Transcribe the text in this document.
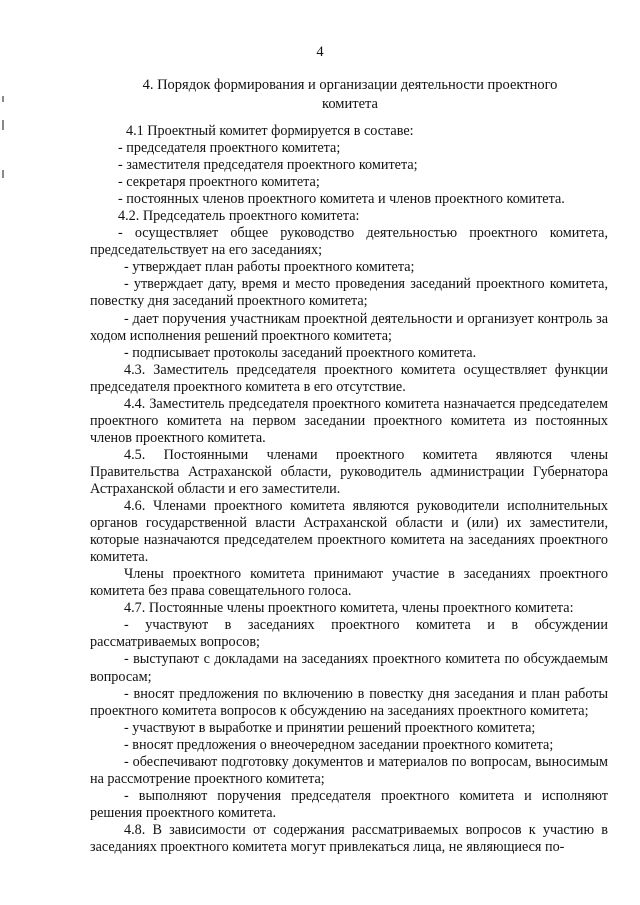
4
4. Порядок формирования и организации деятельности проектного
комитета

4.1 Проектный комитет формируется в составе:

- председателя проектного комитета;

- заместителя председателя проектного комитета;

- секретаря проектного комитета;

- постоянных членов проектного комитета и членов проектного комитета.

4.2. Председатель проектного комитета:

- осуществляет общее руководство деятельностью проектного комитета, председательствует на его заседаниях;

- утверждает план работы проектного комитета;

- утверждает дату, время и место проведения заседаний проектного комитета, повестку дня заседаний проектного комитета;

- дает поручения участникам проектной деятельности и организует контроль за ходом исполнения решений проектного комитета;

- подписывает протоколы заседаний проектного комитета.

4.3. Заместитель председателя проектного комитета осуществляет функции председателя проектного комитета в его отсутствие.

4.4. Заместитель председателя проектного комитета назначается председателем проектного комитета на первом заседании проектного комитета из постоянных членов проектного комитета.

4.5. Постоянными членами проектного комитета являются члены Правительства Астраханской области, руководитель администрации Губернатора Астраханской области и его заместители.

4.6. Членами проектного комитета являются руководители исполнительных органов государственной власти Астраханской области и (или) их заместители, которые назначаются председателем проектного комитета на заседаниях проектного комитета.

Члены проектного комитета принимают участие в заседаниях проектного комитета без права совещательного голоса.

4.7. Постоянные члены проектного комитета, члены проектного комитета:

- участвуют в заседаниях проектного комитета и в обсуждении рассматриваемых вопросов;

- выступают с докладами на заседаниях проектного комитета по обсуждаемым вопросам;

- вносят предложения по включению в повестку дня заседания и план работы проектного комитета вопросов к обсуждению на заседаниях проектного комитета;

- участвуют в выработке и принятии решений проектного комитета;

- вносят предложения о внеочередном заседании проектного комитета;

- обеспечивают подготовку документов и материалов по вопросам, выносимым на рассмотрение проектного комитета;

- выполняют поручения председателя проектного комитета и исполняют решения проектного комитета.

4.8. В зависимости от содержания рассматриваемых вопросов к участию в заседаниях проектного комитета могут привлекаться лица, не являющиеся по-
